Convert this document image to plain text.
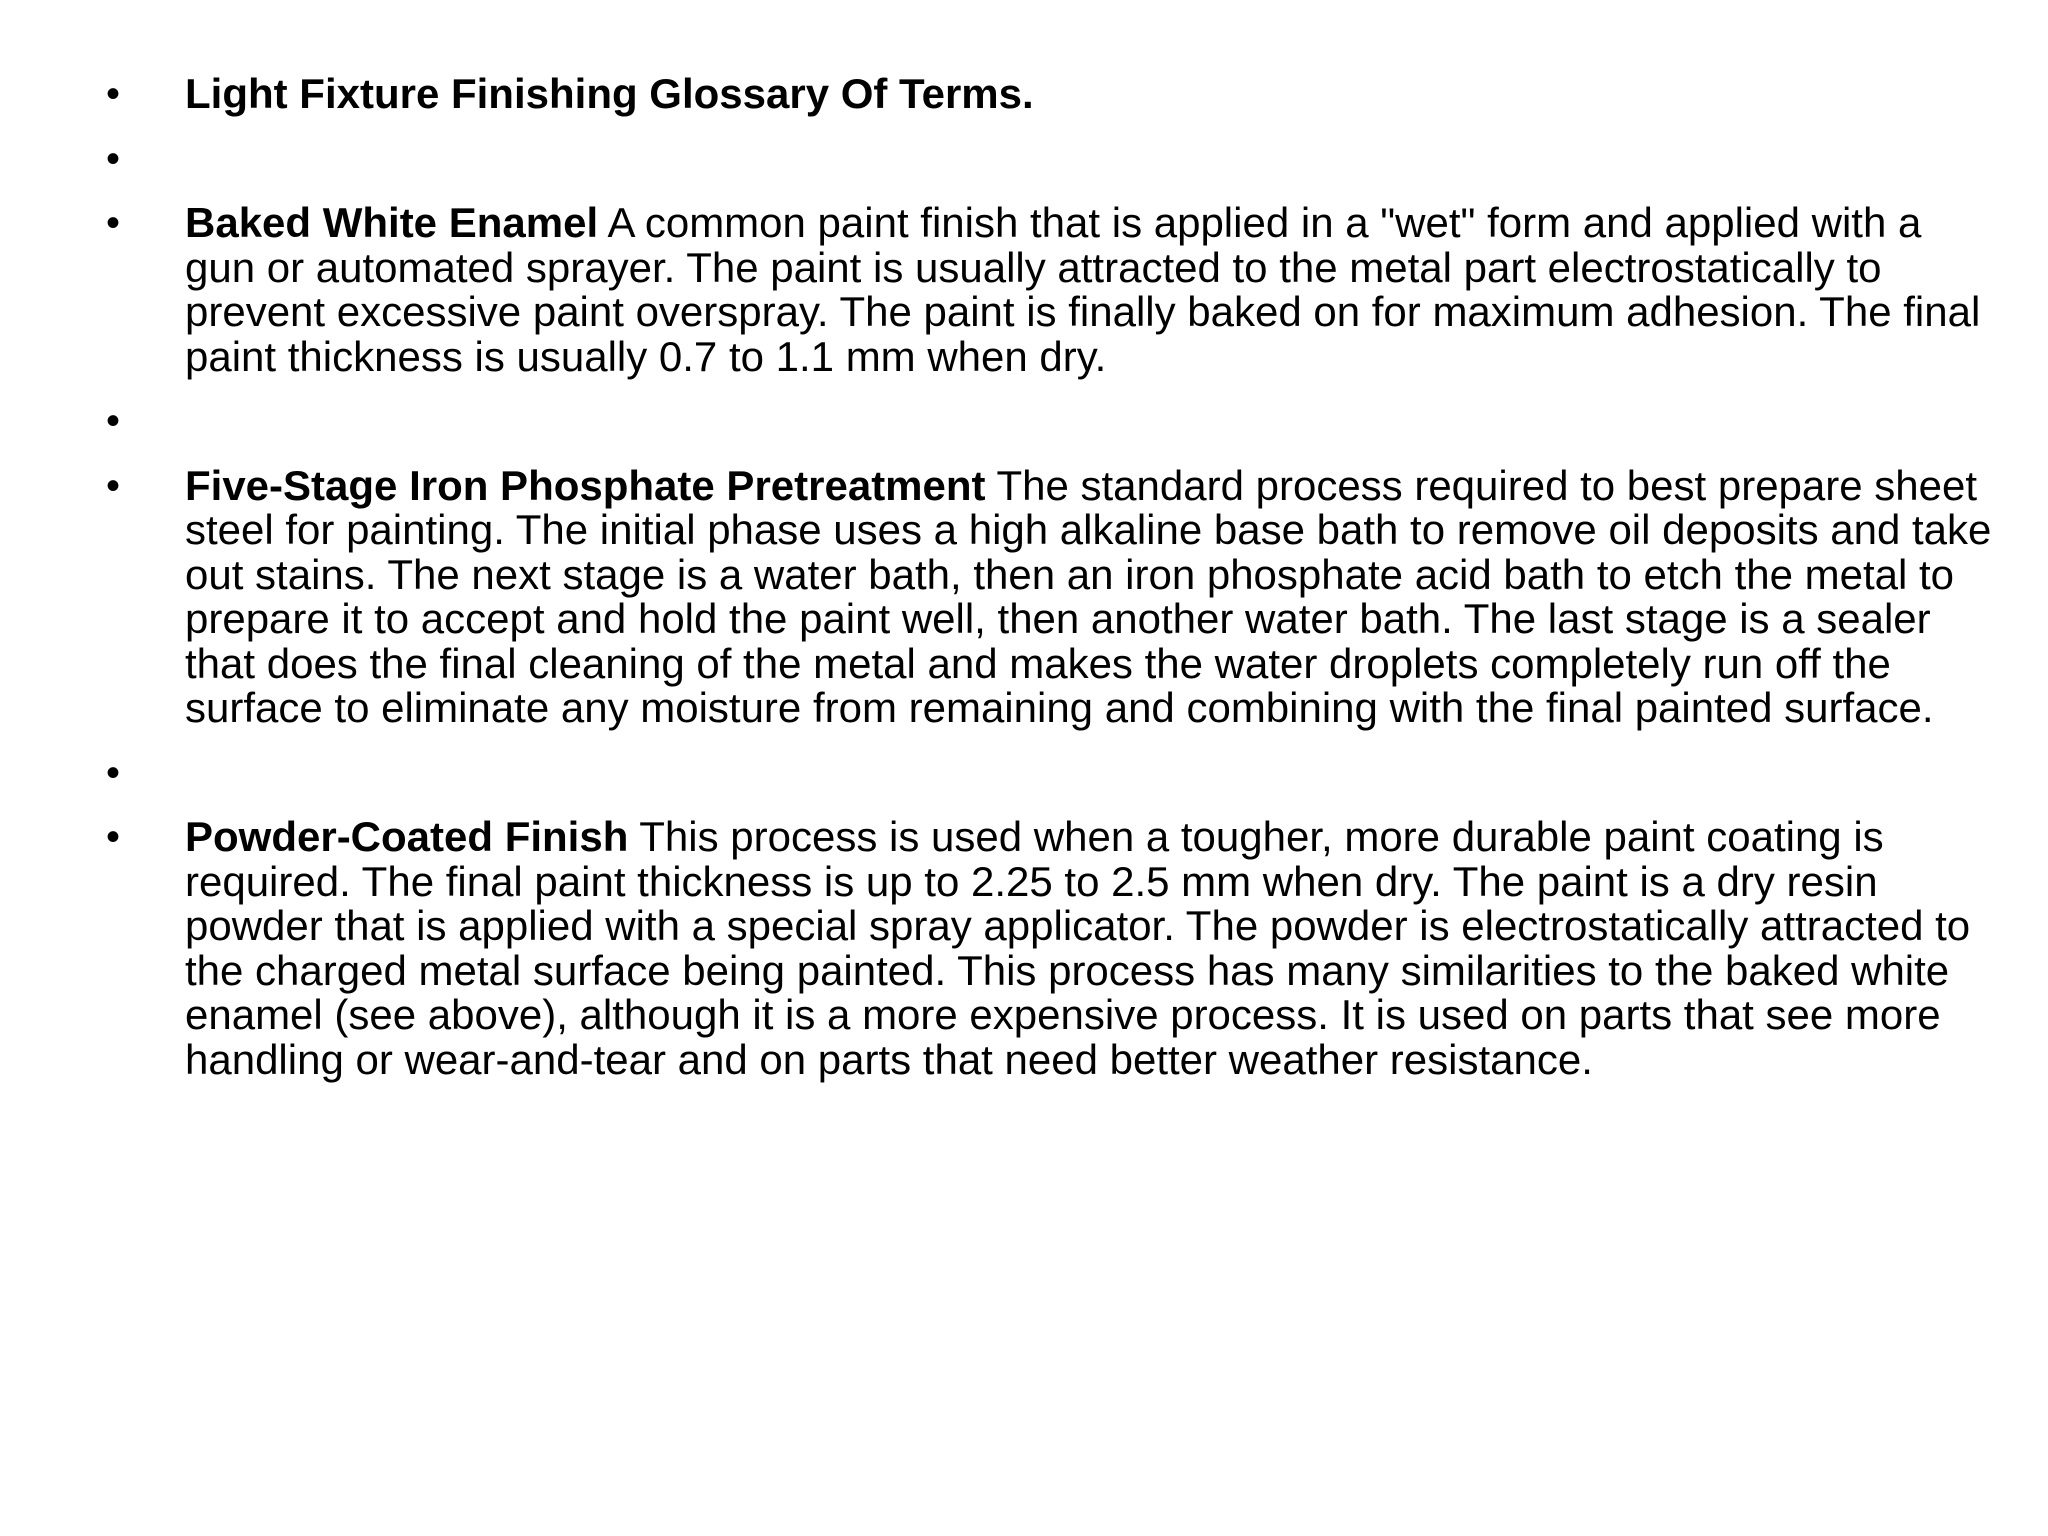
• Light Fixture Finishing Glossary Of Terms.
•
• Baked White Enamel A common paint finish that is applied in a "wet" form and applied with a gun or automated sprayer. The paint is usually attracted to the metal part electrostatically to prevent excessive paint overspray. The paint is finally baked on for maximum adhesion. The final paint thickness is usually 0.7 to 1.1 mm when dry.
•
• Five-Stage Iron Phosphate Pretreatment The standard process required to best prepare sheet steel for painting. The initial phase uses a high alkaline base bath to remove oil deposits and take out stains. The next stage is a water bath, then an iron phosphate acid bath to etch the metal to prepare it to accept and hold the paint well, then another water bath. The last stage is a sealer that does the final cleaning of the metal and makes the water droplets completely run off the surface to eliminate any moisture from remaining and combining with the final painted surface.
•
• Powder-Coated Finish This process is used when a tougher, more durable paint coating is required. The final paint thickness is up to 2.25 to 2.5 mm when dry. The paint is a dry resin powder that is applied with a special spray applicator. The powder is electrostatically attracted to the charged metal surface being painted. This process has many similarities to the baked white enamel (see above), although it is a more expensive process. It is used on parts that see more handling or wear-and-tear and on parts that need better weather resistance.
